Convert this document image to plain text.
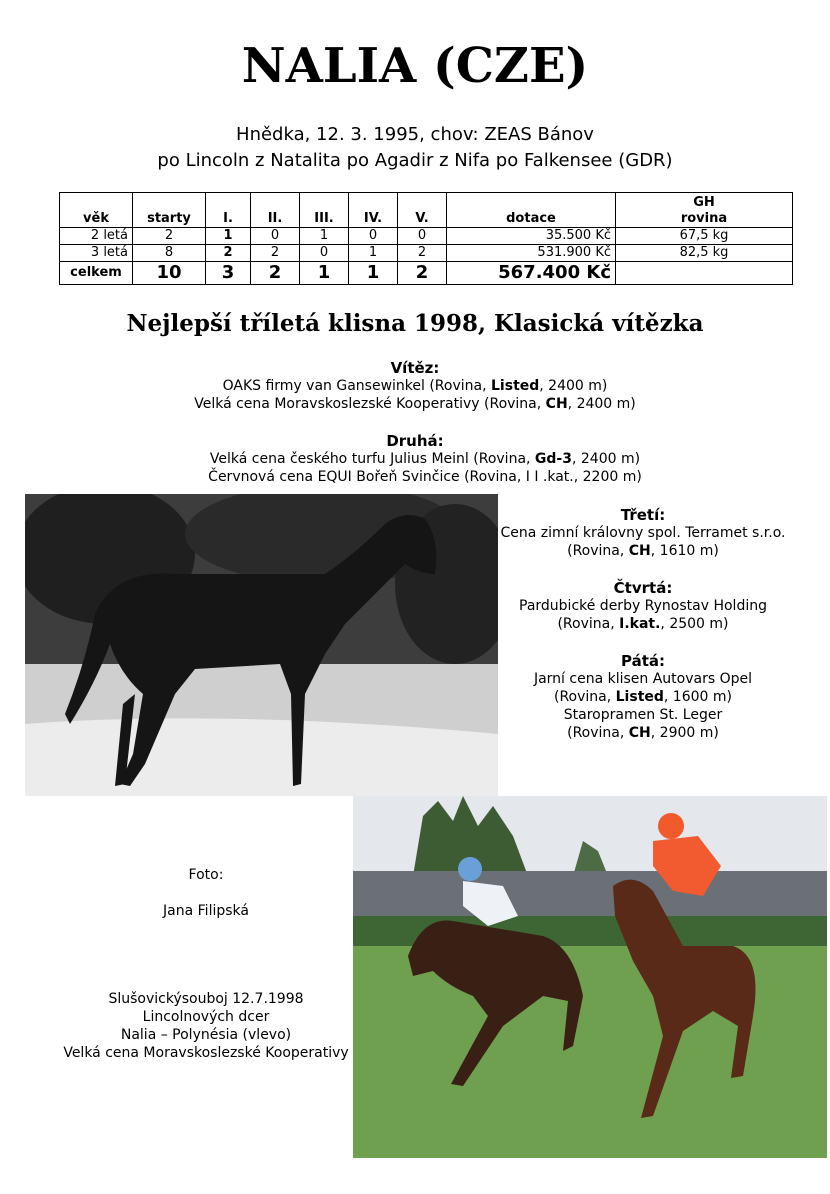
NALIA (CZE)
Hnědka, 12. 3. 1995, chov: ZEAS Bánov
po Lincoln z Natalita po Agadir z Nifa po Falkensee (GDR)
věk	starty	I.	II.	III.	IV.	V.	dotace	GH
rovina

2 letá	2	1	0	1	0	0	35.500 Kč	67,5 kg
3 letá	8	2	2	0	1	2	531.900 Kč	82,5 kg
celkem	10	3	2	1	1	2	567.400 Kč	
Nejlepší tříletá klisna 1998, Klasická vítězka
Vítěz:
OAKS firmy van Gansewinkel (Rovina, Listed, 2400 m)
Velká cena Moravskoslezské Kooperativy (Rovina, CH, 2400 m)
Druhá:
Velká cena českého turfu Julius Meinl (Rovina, Gd-3, 2400 m)
Červnová cena EQUI Bořeň Svinčice (Rovina, I I .kat., 2200 m)
Třetí:
Cena zimní královny spol. Terramet s.r.o.
(Rovina, CH, 1610 m)
Čtvrtá:
Pardubické derby Rynostav Holding
(Rovina, I.kat., 2500 m)
Pátá:
Jarní cena klisen Autovars Opel
(Rovina, Listed, 1600 m)
Staropramen St. Leger
(Rovina, CH, 2900 m)
Foto:
Jana Filipská
Slušovickýsouboj 12.7.1998
Lincolnových dcer
Nalia – Polynésia (vlevo)
Velká cena Moravskoslezské Kooperativy
